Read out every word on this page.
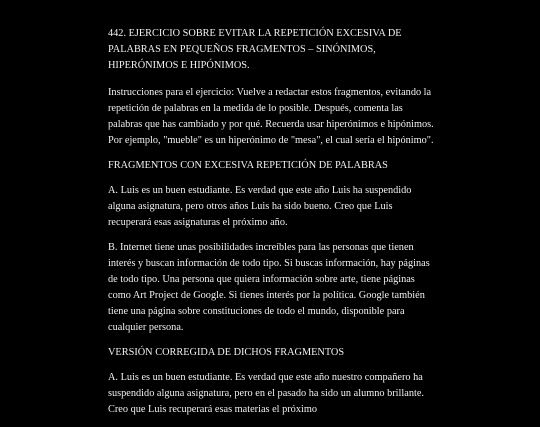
442. EJERCICIO SOBRE EVITAR LA REPETICIÓN EXCESIVA DE PALABRAS EN PEQUEÑOS FRAGMENTOS – SINÓNIMOS, HIPERÓNIMOS E HIPÓNIMOS.

Instrucciones para el ejercicio: Vuelve a redactar estos fragmentos, evitando la repetición de palabras en la medida de lo posible. Después, comenta las palabras que has cambiado y por qué. Recuerda usar hiperónimos e hipónimos. Por ejemplo, "mueble" es un hiperónimo de "mesa", el cual sería el hipónimo".

FRAGMENTOS CON EXCESIVA REPETICIÓN DE PALABRAS

A. Luis es un buen estudiante. Es verdad que este año Luis ha suspendido alguna asignatura, pero otros años Luis ha sido bueno. Creo que Luis recuperará esas asignaturas el próximo año.

B. Internet tiene unas posibilidades increíbles para las personas que tienen interés y buscan información de todo tipo. Si buscas información, hay páginas de todo tipo. Una persona que quiera información sobre arte, tiene páginas como Art Project de Google. Si tienes interés por la política. Google también tiene una página sobre constituciones de todo el mundo, disponible para cualquier persona.

VERSIÓN CORREGIDA DE DICHOS FRAGMENTOS

A. Luis es un buen estudiante. Es verdad que este año nuestro compañero ha suspendido alguna asignatura, pero en el pasado ha sido un alumno brillante. Creo que Luis recuperará esas materias el próximo
